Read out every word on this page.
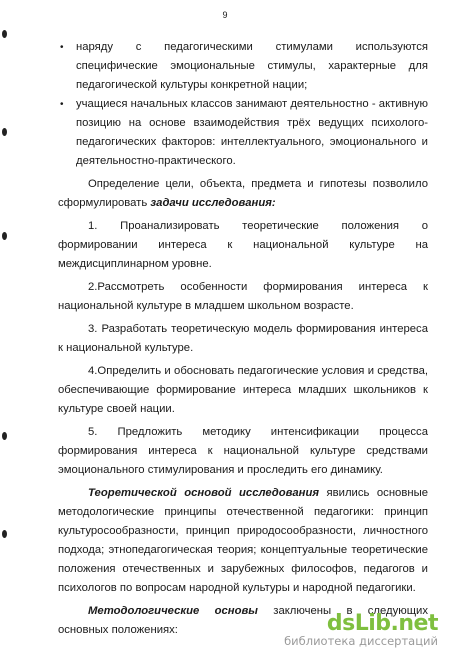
9

• наряду с педагогическими стимулами используются специфические эмоциональные стимулы, характерные для педагогической культуры конкретной нации;

• учащиеся начальных классов занимают деятельностно - активную позицию на основе взаимодействия трёх ведущих психолого-педагогических факторов: интеллектуального, эмоционального и деятельностно-практического.

Определение цели, объекта, предмета и гипотезы позволило сформулировать задачи исследования:

1. Проанализировать теоретические положения о формировании интереса к национальной культуре на междисциплинарном уровне.

2.Рассмотреть особенности формирования интереса к национальной культуре в младшем школьном возрасте.

3. Разработать теоретическую модель формирования интереса к национальной культуре.

4.Определить и обосновать педагогические условия и средства, обеспечивающие формирование интереса младших школьников к культуре своей нации.

5. Предложить методику интенсификации процесса формирования интереса к национальной культуре средствами эмоционального стимулирования и проследить его динамику.

Теоретической основой исследования явились основные методологические принципы отечественной педагогики: принцип культуросообразности, принцип природосообразности, личностного подхода; этнопедагогическая теория; концептуальные теоретические положения отечественных и зарубежных философов, педагогов и психологов по вопросам народной культуры и народной педагогики.

Методологические основы заключены в следующих основных положениях:	dsLib.net
библиотека диссертаций
